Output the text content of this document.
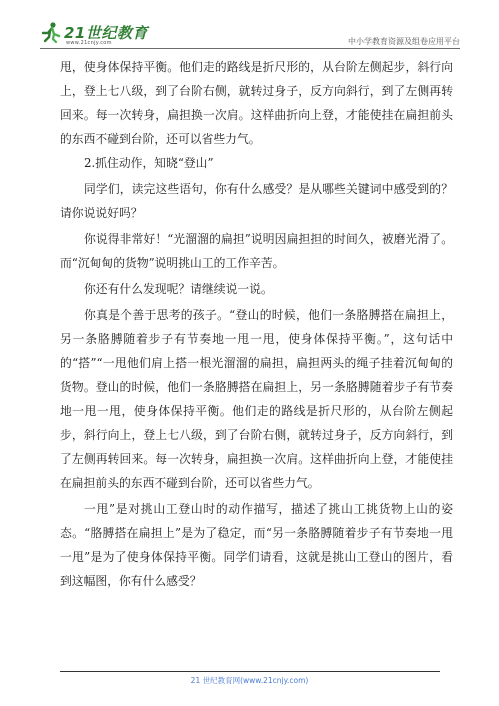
21世纪教育
www.21cnjy.com	中小学教育资源及组卷应用平台

甩，使身体保持平衡。他们走的路线是折尺形的，从台阶左侧起步，斜行向上，登上七八级，到了台阶右侧，就转过身子，反方向斜行，到了左侧再转回来。每一次转身，扁担换一次肩。这样曲折向上登，才能使挂在扁担前头的东西不碰到台阶，还可以省些力气。

2.抓住动作，知晓“登山”

同学们，读完这些语句，你有什么感受？是从哪些关键词中感受到的？请你说说好吗？

你说得非常好！“光溜溜的扁担”说明因扁担担的时间久，被磨光滑了。而“沉甸甸的货物”说明挑山工的工作辛苦。

你还有什么发现呢？请继续说一说。

你真是个善于思考的孩子。“登山的时候，他们一条胳膊搭在扁担上，另一条胳膊随着步子有节奏地一甩一甩，使身体保持平衡。”，这句话中的“搭”“一甩他们肩上搭一根光溜溜的扁担，扁担两头的绳子挂着沉甸甸的货物。登山的时候，他们一条胳膊搭在扁担上，另一条胳膊随着步子有节奏地一甩一甩，使身体保持平衡。他们走的路线是折尺形的，从台阶左侧起步，斜行向上，登上七八级，到了台阶右侧，就转过身子，反方向斜行，到了左侧再转回来。每一次转身，扁担换一次肩。这样曲折向上登，才能使挂在扁担前头的东西不碰到台阶，还可以省些力气。

一甩”是对挑山工登山时的动作描写，描述了挑山工挑货物上山的姿态。“胳膊搭在扁担上”是为了稳定，而“另一条胳膊随着步子有节奏地一甩一甩”是为了使身体保持平衡。同学们请看，这就是挑山工登山的图片，看到这幅图，你有什么感受？

21 世纪教育网(www.21cnjy.com)
